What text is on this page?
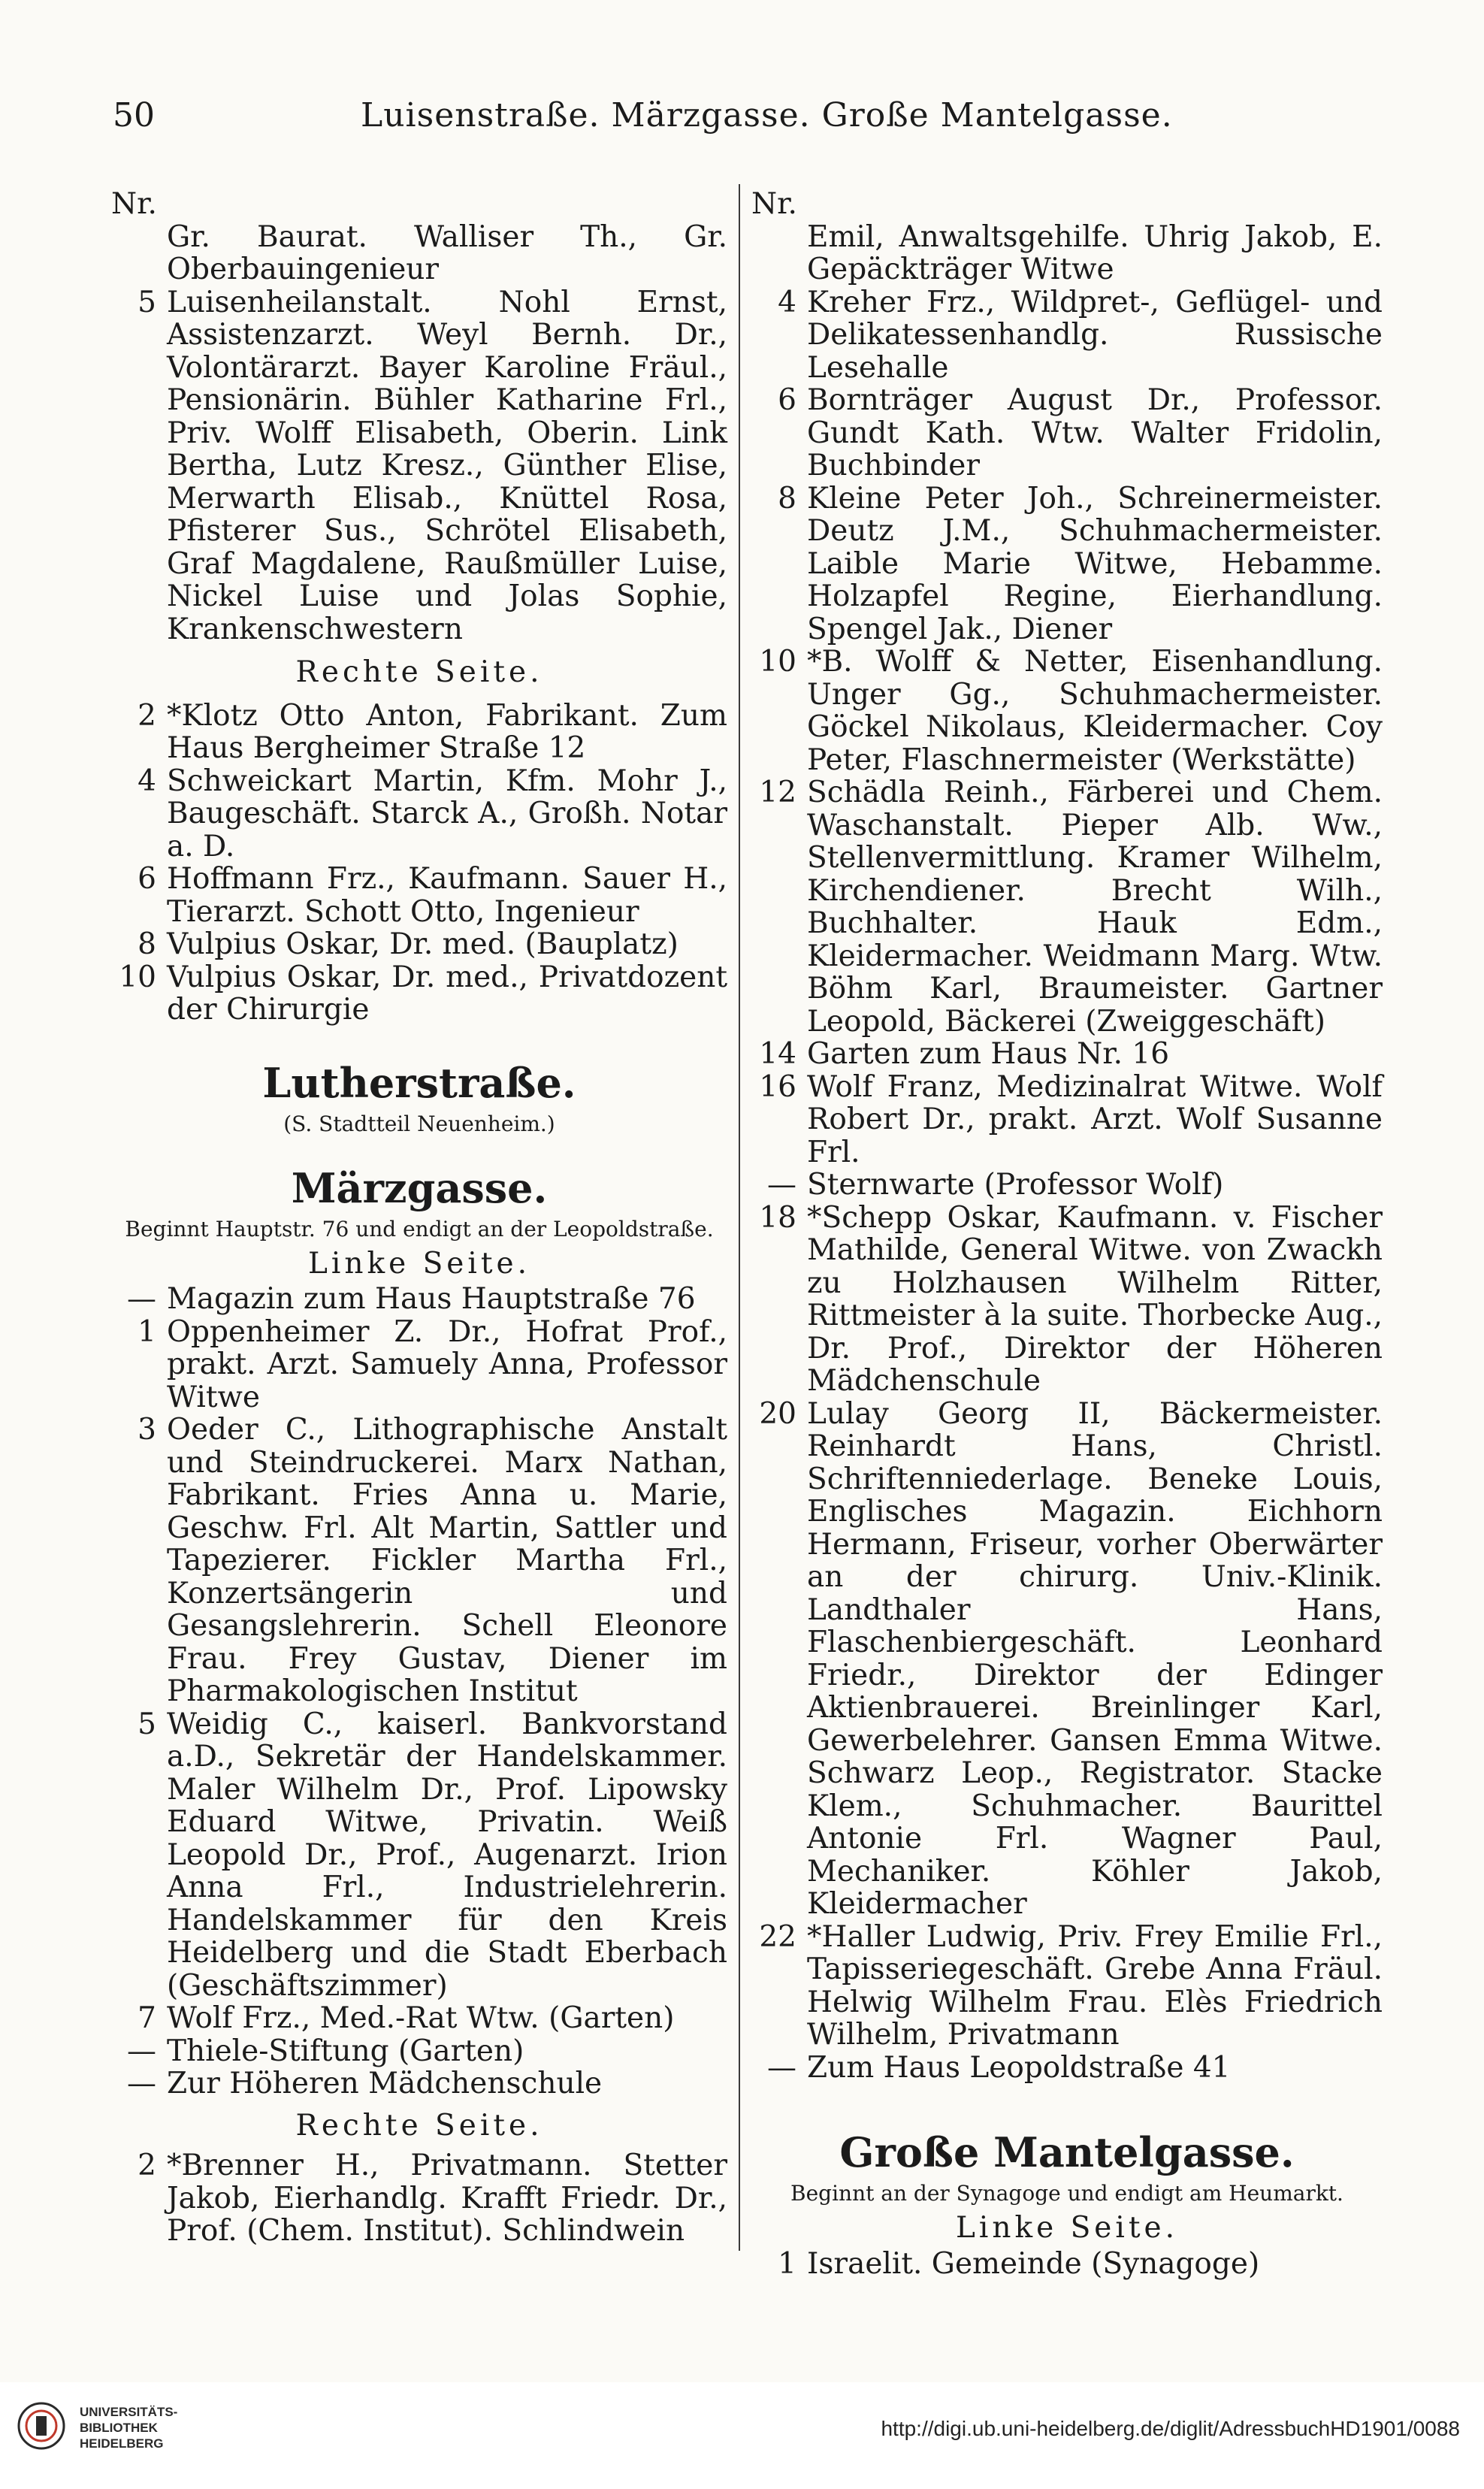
50	Luisenstraße. Märzgasse. Große Mantelgasse.
Nr.
Gr. Baurat. Walliser Th., Gr. Oberbauingenieur
5 Luisenheilanstalt. Nohl Ernst, Assistenzarzt. Weyl Bernh. Dr., Volontärarzt. Bayer Karoline Fräul., Pensionärin. Bühler Katharine Frl., Priv. Wolff Elisabeth, Oberin. Link Bertha, Lutz Kresz., Günther Elise, Merwarth Elisab., Knüttel Rosa, Pfisterer Sus., Schrötel Elisabeth, Graf Magdalene, Raußmüller Luise, Nickel Luise und Jolas Sophie, Krankenschwestern
Rechte Seite.
2 *Klotz Otto Anton, Fabrikant. Zum Haus Bergheimer Straße 12
4 Schweickart Martin, Kfm. Mohr J., Baugeschäft. Starck A., Großh. Notar a. D.
6 Hoffmann Frz., Kaufmann. Sauer H., Tierarzt. Schott Otto, Ingenieur
8 Vulpius Oskar, Dr. med. (Bauplatz)
10 Vulpius Oskar, Dr. med., Privatdozent der Chirurgie
Lutherstraße.
(S. Stadtteil Neuenheim.)
Märzgasse.
Beginnt Hauptstr. 76 und endigt an der Leopoldstraße.
Linke Seite.
— Magazin zum Haus Hauptstraße 76
1 Oppenheimer Z. Dr., Hofrat Prof., prakt. Arzt. Samuely Anna, Professor Witwe
3 Oeder C., Lithographische Anstalt und Steindruckerei. Marx Nathan, Fabrikant. Fries Anna u. Marie, Geschw. Frl. Alt Martin, Sattler und Tapezierer. Fickler Martha Frl., Konzertsängerin und Gesangslehrerin. Schell Eleonore Frau. Frey Gustav, Diener im Pharmakologischen Institut
5 Weidig C., kaiserl. Bankvorstand a.D., Sekretär der Handelskammer. Maler Wilhelm Dr., Prof. Lipowsky Eduard Witwe, Privatin. Weiß Leopold Dr., Prof., Augenarzt. Irion Anna Frl., Industrielehrerin. Handelskammer für den Kreis Heidelberg und die Stadt Eberbach (Geschäftszimmer)
7 Wolf Frz., Med.-Rat Wtw. (Garten)
— Thiele-Stiftung (Garten)
— Zur Höheren Mädchenschule
Rechte Seite.
2 *Brenner H., Privatmann. Stetter Jakob, Eierhandlg. Krafft Friedr. Dr., Prof. (Chem. Institut). Schlindwein
Nr.
Emil, Anwaltsgehilfe. Uhrig Jakob, E. Gepäckträger Witwe
4 Kreher Frz., Wildpret-, Geflügel- und Delikatessenhandlg. Russische Lesehalle
6 Bornträger August Dr., Professor. Gundt Kath. Wtw. Walter Fridolin, Buchbinder
8 Kleine Peter Joh., Schreinermeister. Deutz J.M., Schuhmachermeister. Laible Marie Witwe, Hebamme. Holzapfel Regine, Eierhandlung. Spengel Jak., Diener
10 *B. Wolff & Netter, Eisenhandlung. Unger Gg., Schuhmachermeister. Göckel Nikolaus, Kleidermacher. Coy Peter, Flaschnermeister (Werkstätte)
12 Schädla Reinh., Färberei und Chem. Waschanstalt. Pieper Alb. Ww., Stellenvermittlung. Kramer Wilhelm, Kirchendiener. Brecht Wilh., Buchhalter. Hauk Edm., Kleidermacher. Weidmann Marg. Wtw. Böhm Karl, Braumeister. Gartner Leopold, Bäckerei (Zweiggeschäft)
14 Garten zum Haus Nr. 16
16 Wolf Franz, Medizinalrat Witwe. Wolf Robert Dr., prakt. Arzt. Wolf Susanne Frl.
— Sternwarte (Professor Wolf)
18 *Schepp Oskar, Kaufmann. v. Fischer Mathilde, General Witwe. von Zwackh zu Holzhausen Wilhelm Ritter, Rittmeister à la suite. Thorbecke Aug., Dr. Prof., Direktor der Höheren Mädchenschule
20 Lulay Georg II, Bäckermeister. Reinhardt Hans, Christl. Schriftenniederlage. Beneke Louis, Englisches Magazin. Eichhorn Hermann, Friseur, vorher Oberwärter an der chirurg. Univ.-Klinik. Landthaler Hans, Flaschenbiergeschäft. Leonhard Friedr., Direktor der Edinger Aktienbrauerei. Breinlinger Karl, Gewerbelehrer. Gansen Emma Witwe. Schwarz Leop., Registrator. Stacke Klem., Schuhmacher. Baurittel Antonie Frl. Wagner Paul, Mechaniker. Köhler Jakob, Kleidermacher
22 *Haller Ludwig, Priv. Frey Emilie Frl., Tapisseriegeschäft. Grebe Anna Fräul. Helwig Wilhelm Frau. Elès Friedrich Wilhelm, Privatmann
— Zum Haus Leopoldstraße 41
Große Mantelgasse.
Beginnt an der Synagoge und endigt am Heumarkt.
Linke Seite.
1 Israelit. Gemeinde (Synagoge)
UNIVERSITÄTS-
BIBLIOTHEK
HEIDELBERG
http://digi.ub.uni-heidelberg.de/diglit/AdressbuchHD1901/0088
